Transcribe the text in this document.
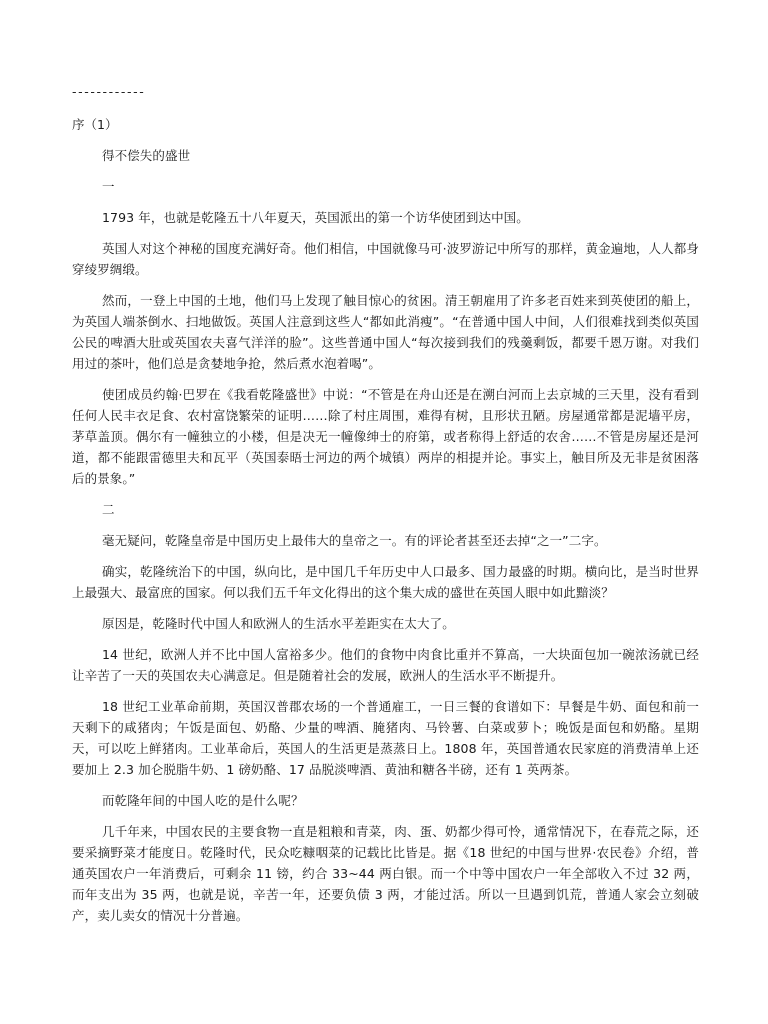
------------
序（1）

得不偿失的盛世

一

1793 年，也就是乾隆五十八年夏天，英国派出的第一个访华使团到达中国。

英国人对这个神秘的国度充满好奇。他们相信，中国就像马可·波罗游记中所写的那样，黄金遍地，人人都身穿绫罗绸缎。

然而，一登上中国的土地，他们马上发现了触目惊心的贫困。清王朝雇用了许多老百姓来到英使团的船上，为英国人端茶倒水、扫地做饭。英国人注意到这些人“都如此消瘦”。“在普通中国人中间，人们很难找到类似英国公民的啤酒大肚或英国农夫喜气洋洋的脸”。这些普通中国人“每次接到我们的残羹剩饭，都要千恩万谢。对我们用过的茶叶，他们总是贪婪地争抢，然后煮水泡着喝”。

使团成员约翰·巴罗在《我看乾隆盛世》中说：“不管是在舟山还是在溯白河而上去京城的三天里，没有看到任何人民丰衣足食、农村富饶繁荣的证明……除了村庄周围，难得有树，且形状丑陋。房屋通常都是泥墙平房，茅草盖顶。偶尔有一幢独立的小楼，但是决无一幢像绅士的府第，或者称得上舒适的农舍……不管是房屋还是河道，都不能跟雷德里夫和瓦平（英国泰晤士河边的两个城镇）两岸的相提并论。事实上，触目所及无非是贫困落后的景象。”

二

毫无疑问，乾隆皇帝是中国历史上最伟大的皇帝之一。有的评论者甚至还去掉“之一”二字。

确实，乾隆统治下的中国，纵向比，是中国几千年历史中人口最多、国力最盛的时期。横向比，是当时世界上最强大、最富庶的国家。何以我们五千年文化得出的这个集大成的盛世在英国人眼中如此黯淡？

原因是，乾隆时代中国人和欧洲人的生活水平差距实在太大了。

14 世纪，欧洲人并不比中国人富裕多少。他们的食物中肉食比重并不算高，一大块面包加一碗浓汤就已经让辛苦了一天的英国农夫心满意足。但是随着社会的发展，欧洲人的生活水平不断提升。

18 世纪工业革命前期，英国汉普郡农场的一个普通雇工，一日三餐的食谱如下：早餐是牛奶、面包和前一天剩下的咸猪肉；午饭是面包、奶酪、少量的啤酒、腌猪肉、马铃薯、白菜或萝卜；晚饭是面包和奶酪。星期天，可以吃上鲜猪肉。工业革命后，英国人的生活更是蒸蒸日上。1808 年，英国普通农民家庭的消费清单上还要加上 2.3 加仑脱脂牛奶、1 磅奶酪、17 品脱淡啤酒、黄油和糖各半磅，还有 1 英两茶。

而乾隆年间的中国人吃的是什么呢？

几千年来，中国农民的主要食物一直是粗粮和青菜，肉、蛋、奶都少得可怜，通常情况下，在春荒之际，还要采摘野菜才能度日。乾隆时代，民众吃糠咽菜的记载比比皆是。据《18 世纪的中国与世界·农民卷》介绍，普通英国农户一年消费后，可剩余 11 镑，约合 33~44 两白银。而一个中等中国农户一年全部收入不过 32 两，而年支出为 35 两，也就是说，辛苦一年，还要负债 3 两，才能过活。所以一旦遇到饥荒，普通人家会立刻破产，卖儿卖女的情况十分普遍。
